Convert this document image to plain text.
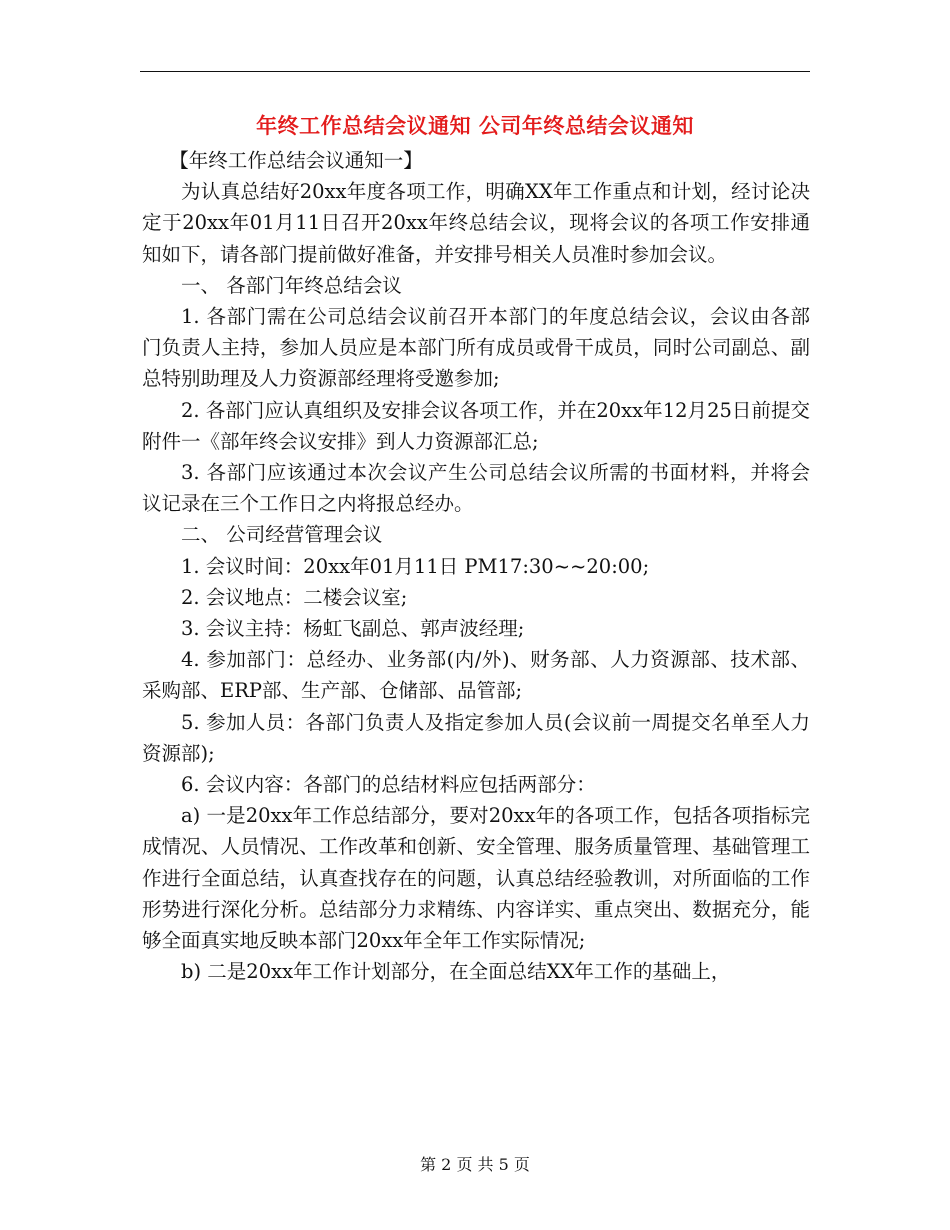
年终工作总结会议通知 公司年终总结会议通知

【年终工作总结会议通知一】

为认真总结好20xx年度各项工作，明确XX年工作重点和计划，经讨论决定于20xx年01月11日召开20xx年终总结会议，现将会议的各项工作安排通知如下，请各部门提前做好准备，并安排号相关人员准时参加会议。

一、 各部门年终总结会议

1. 各部门需在公司总结会议前召开本部门的年度总结会议，会议由各部门负责人主持，参加人员应是本部门所有成员或骨干成员，同时公司副总、副总特别助理及人力资源部经理将受邀参加;

2. 各部门应认真组织及安排会议各项工作，并在20xx年12月25日前提交附件一《部年终会议安排》到人力资源部汇总;

3. 各部门应该通过本次会议产生公司总结会议所需的书面材料，并将会议记录在三个工作日之内将报总经办。

二、 公司经营管理会议

1. 会议时间：20xx年01月11日 PM17:30~~20:00;

2. 会议地点：二楼会议室;

3. 会议主持：杨虹飞副总、郭声波经理;

4. 参加部门：总经办、业务部(内/外)、财务部、人力资源部、技术部、采购部、ERP部、生产部、仓储部、品管部;

5. 参加人员：各部门负责人及指定参加人员(会议前一周提交名单至人力资源部);

6. 会议内容：各部门的总结材料应包括两部分：

a) 一是20xx年工作总结部分，要对20xx年的各项工作，包括各项指标完成情况、人员情况、工作改革和创新、安全管理、服务质量管理、基础管理工作进行全面总结，认真查找存在的问题，认真总结经验教训，对所面临的工作形势进行深化分析。总结部分力求精练、内容详实、重点突出、数据充分，能够全面真实地反映本部门20xx年全年工作实际情况;

b) 二是20xx年工作计划部分，在全面总结XX年工作的基础上，

第 2 页 共 5 页
